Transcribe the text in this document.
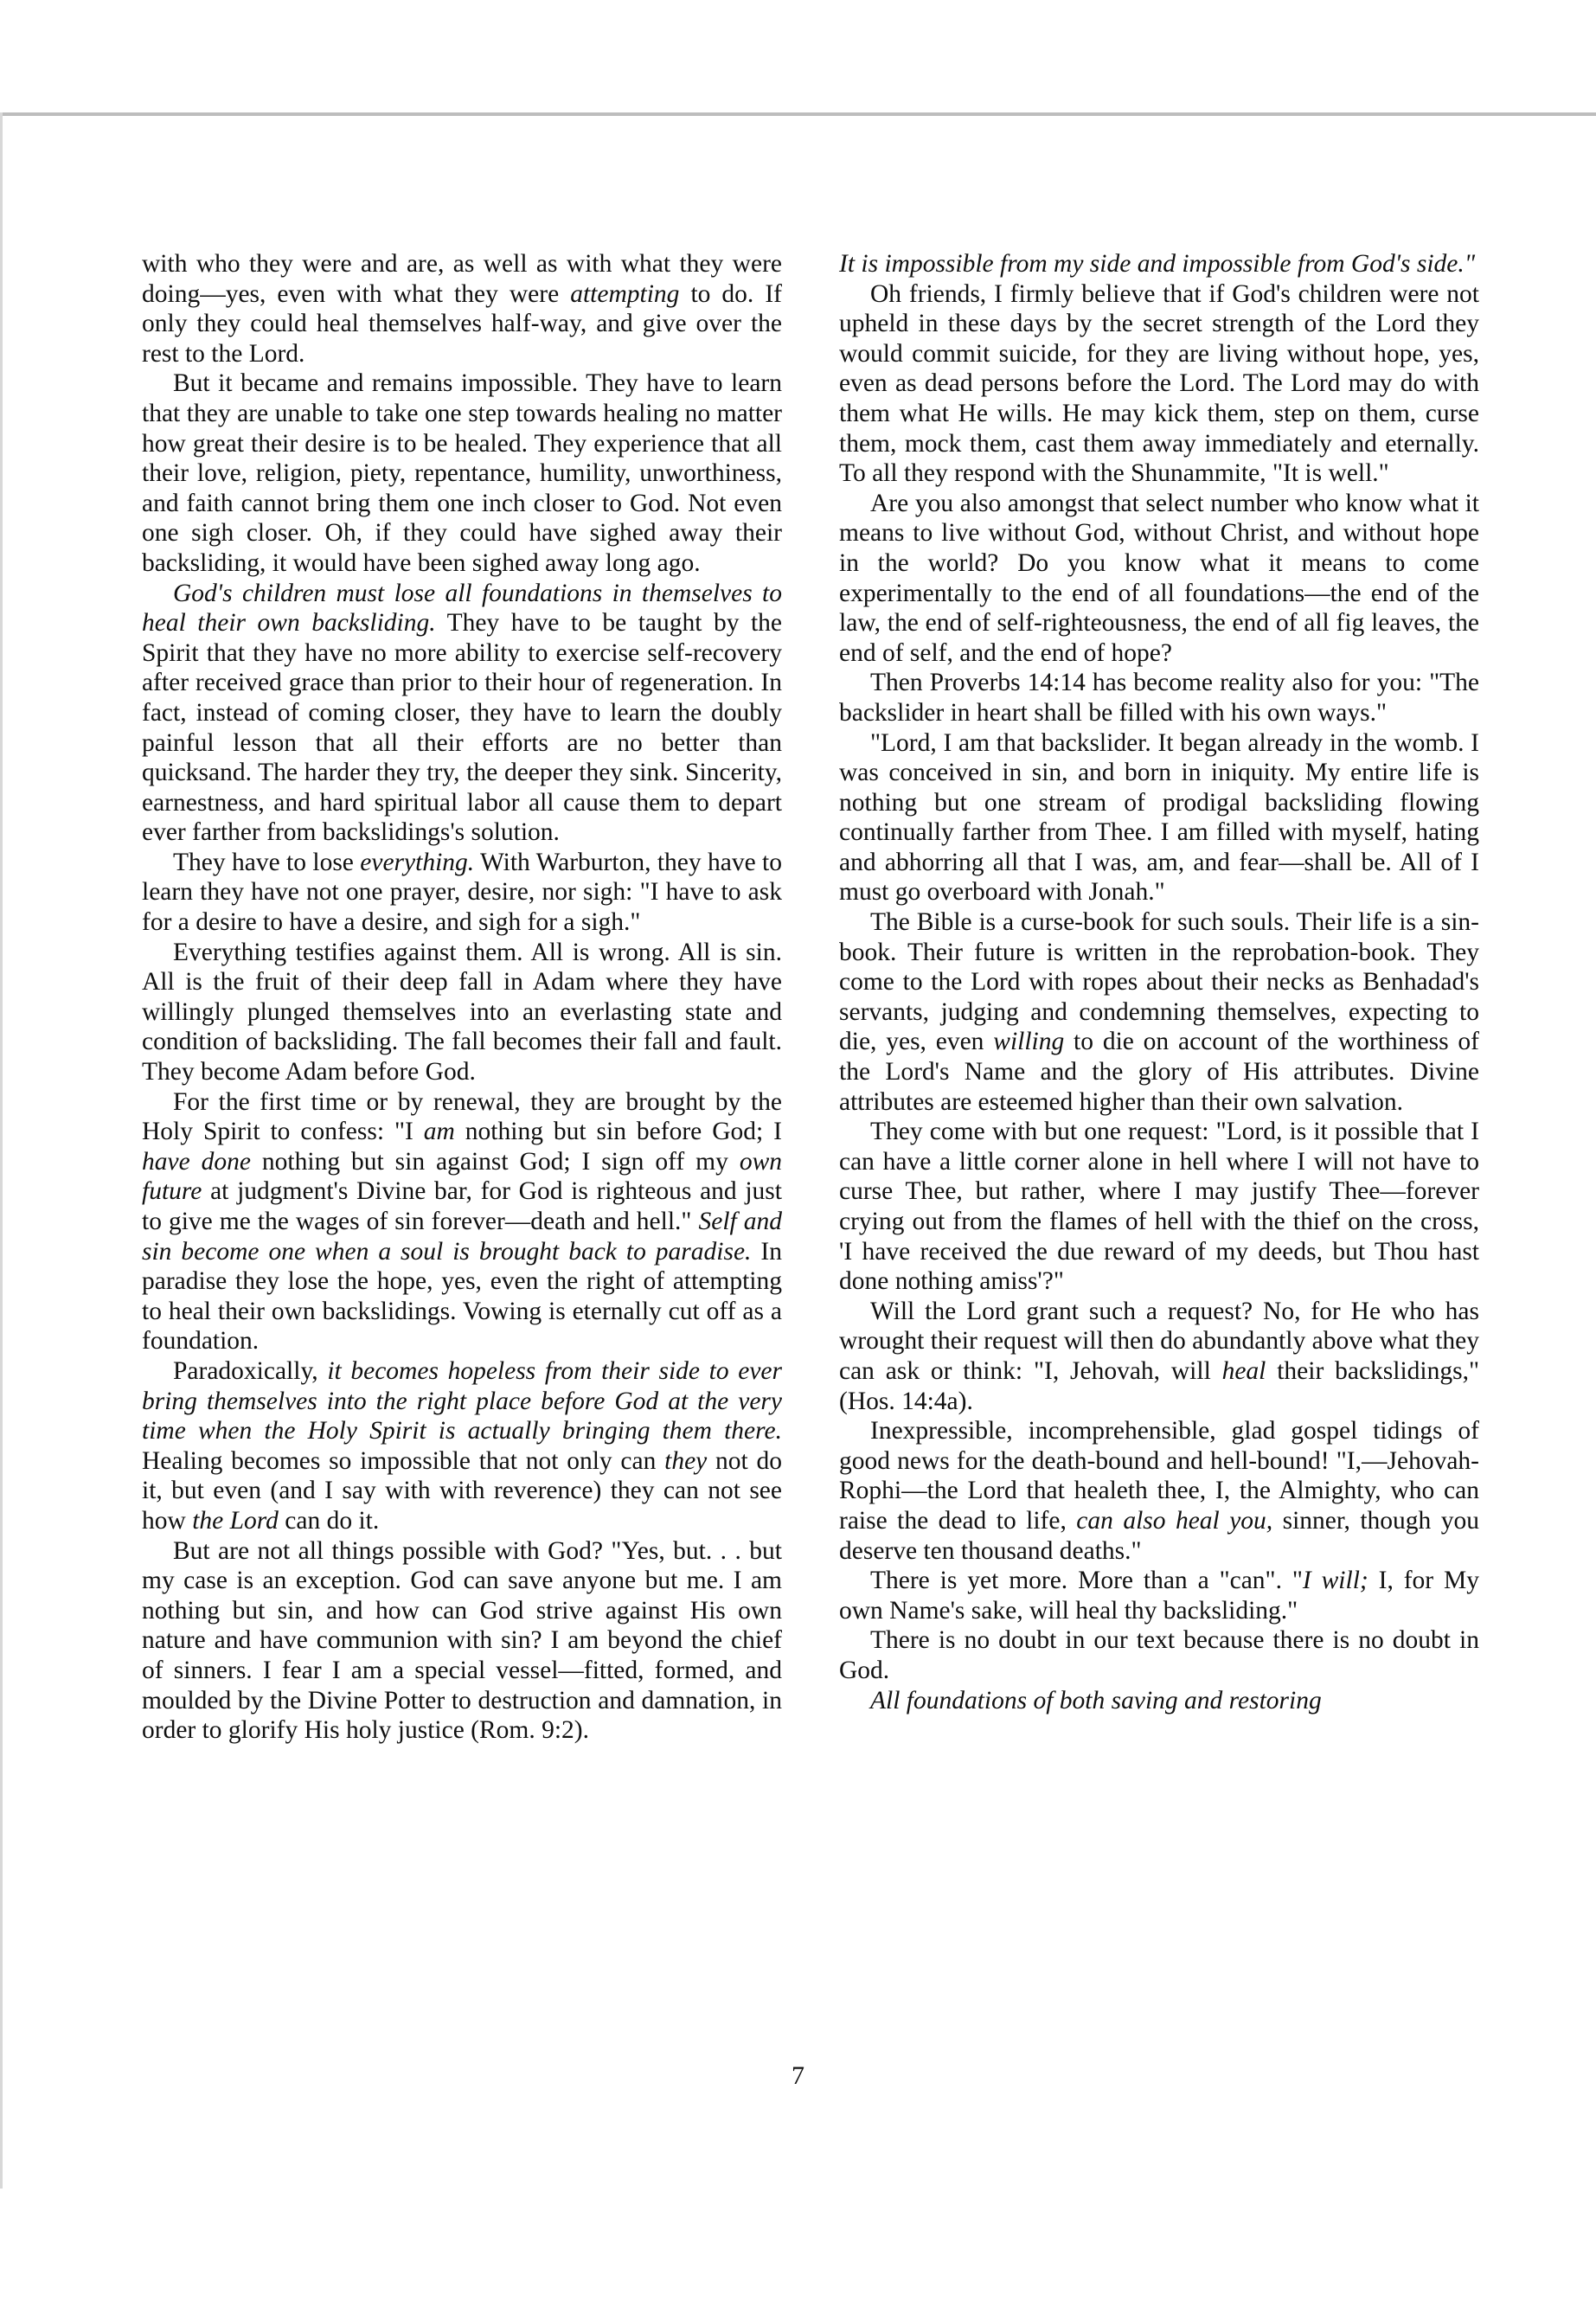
with who they were and are, as well as with what they were doing—yes, even with what they were attempting to do. If only they could heal themselves half-way, and give over the rest to the Lord.

But it became and remains impossible. They have to learn that they are unable to take one step towards healing no matter how great their desire is to be healed. They experience that all their love, religion, piety, repentance, humility, unworthiness, and faith cannot bring them one inch closer to God. Not even one sigh closer. Oh, if they could have sighed away their backsliding, it would have been sighed away long ago.

God's children must lose all foundations in themselves to heal their own backsliding. They have to be taught by the Spirit that they have no more ability to exercise self-recovery after received grace than prior to their hour of regeneration. In fact, instead of coming closer, they have to learn the doubly painful lesson that all their efforts are no better than quicksand. The harder they try, the deeper they sink. Sincerity, earnestness, and hard spiritual labor all cause them to depart ever farther from backslidings's solution.

They have to lose everything. With Warburton, they have to learn they have not one prayer, desire, nor sigh: "I have to ask for a desire to have a desire, and sigh for a sigh."

Everything testifies against them. All is wrong. All is sin. All is the fruit of their deep fall in Adam where they have willingly plunged themselves into an everlasting state and condition of backsliding. The fall becomes their fall and fault. They become Adam before God.

For the first time or by renewal, they are brought by the Holy Spirit to confess: "I am nothing but sin before God; I have done nothing but sin against God; I sign off my own future at judgment's Divine bar, for God is righteous and just to give me the wages of sin forever—death and hell." Self and sin become one when a soul is brought back to paradise. In paradise they lose the hope, yes, even the right of attempting to heal their own backslidings. Vowing is eternally cut off as a foundation.

Paradoxically, it becomes hopeless from their side to ever bring themselves into the right place before God at the very time when the Holy Spirit is actually bringing them there. Healing becomes so impossible that not only can they not do it, but even (and I say with with reverence) they can not see how the Lord can do it.

But are not all things possible with God? "Yes, but. . . but my case is an exception. God can save anyone but me. I am nothing but sin, and how can God strive against His own nature and have communion with sin? I am beyond the chief of sinners. I fear I am a special vessel—fitted, formed, and moulded by the Divine Potter to destruction and damnation, in order to glorify His holy justice (Rom. 9:2).

It is impossible from my side and impossible from God's side."

Oh friends, I firmly believe that if God's children were not upheld in these days by the secret strength of the Lord they would commit suicide, for they are living without hope, yes, even as dead persons before the Lord. The Lord may do with them what He wills. He may kick them, step on them, curse them, mock them, cast them away immediately and eternally. To all they respond with the Shunammite, "It is well."

Are you also amongst that select number who know what it means to live without God, without Christ, and without hope in the world? Do you know what it means to come experimentally to the end of all foundations—the end of the law, the end of self-righteousness, the end of all fig leaves, the end of self, and the end of hope?

Then Proverbs 14:14 has become reality also for you: "The backslider in heart shall be filled with his own ways."

"Lord, I am that backslider. It began already in the womb. I was conceived in sin, and born in iniquity. My entire life is nothing but one stream of prodigal backsliding flowing continually farther from Thee. I am filled with myself, hating and abhorring all that I was, am, and fear—shall be. All of I must go overboard with Jonah."

The Bible is a curse-book for such souls. Their life is a sin-book. Their future is written in the reprobation-book. They come to the Lord with ropes about their necks as Benhadad's servants, judging and condemning themselves, expecting to die, yes, even willing to die on account of the worthiness of the Lord's Name and the glory of His attributes. Divine attributes are esteemed higher than their own salvation.

They come with but one request: "Lord, is it possible that I can have a little corner alone in hell where I will not have to curse Thee, but rather, where I may justify Thee—forever crying out from the flames of hell with the thief on the cross, 'I have received the due reward of my deeds, but Thou hast done nothing amiss'?"

Will the Lord grant such a request? No, for He who has wrought their request will then do abundantly above what they can ask or think: "I, Jehovah, will heal their backslidings," (Hos. 14:4a).

Inexpressible, incomprehensible, glad gospel tidings of good news for the death-bound and hell-bound! "I,—Jehovah-Rophi—the Lord that healeth thee, I, the Almighty, who can raise the dead to life, can also heal you, sinner, though you deserve ten thousand deaths."

There is yet more. More than a "can". "I will; I, for My own Name's sake, will heal thy backsliding."

There is no doubt in our text because there is no doubt in God.

All foundations of both saving and restoring

7
